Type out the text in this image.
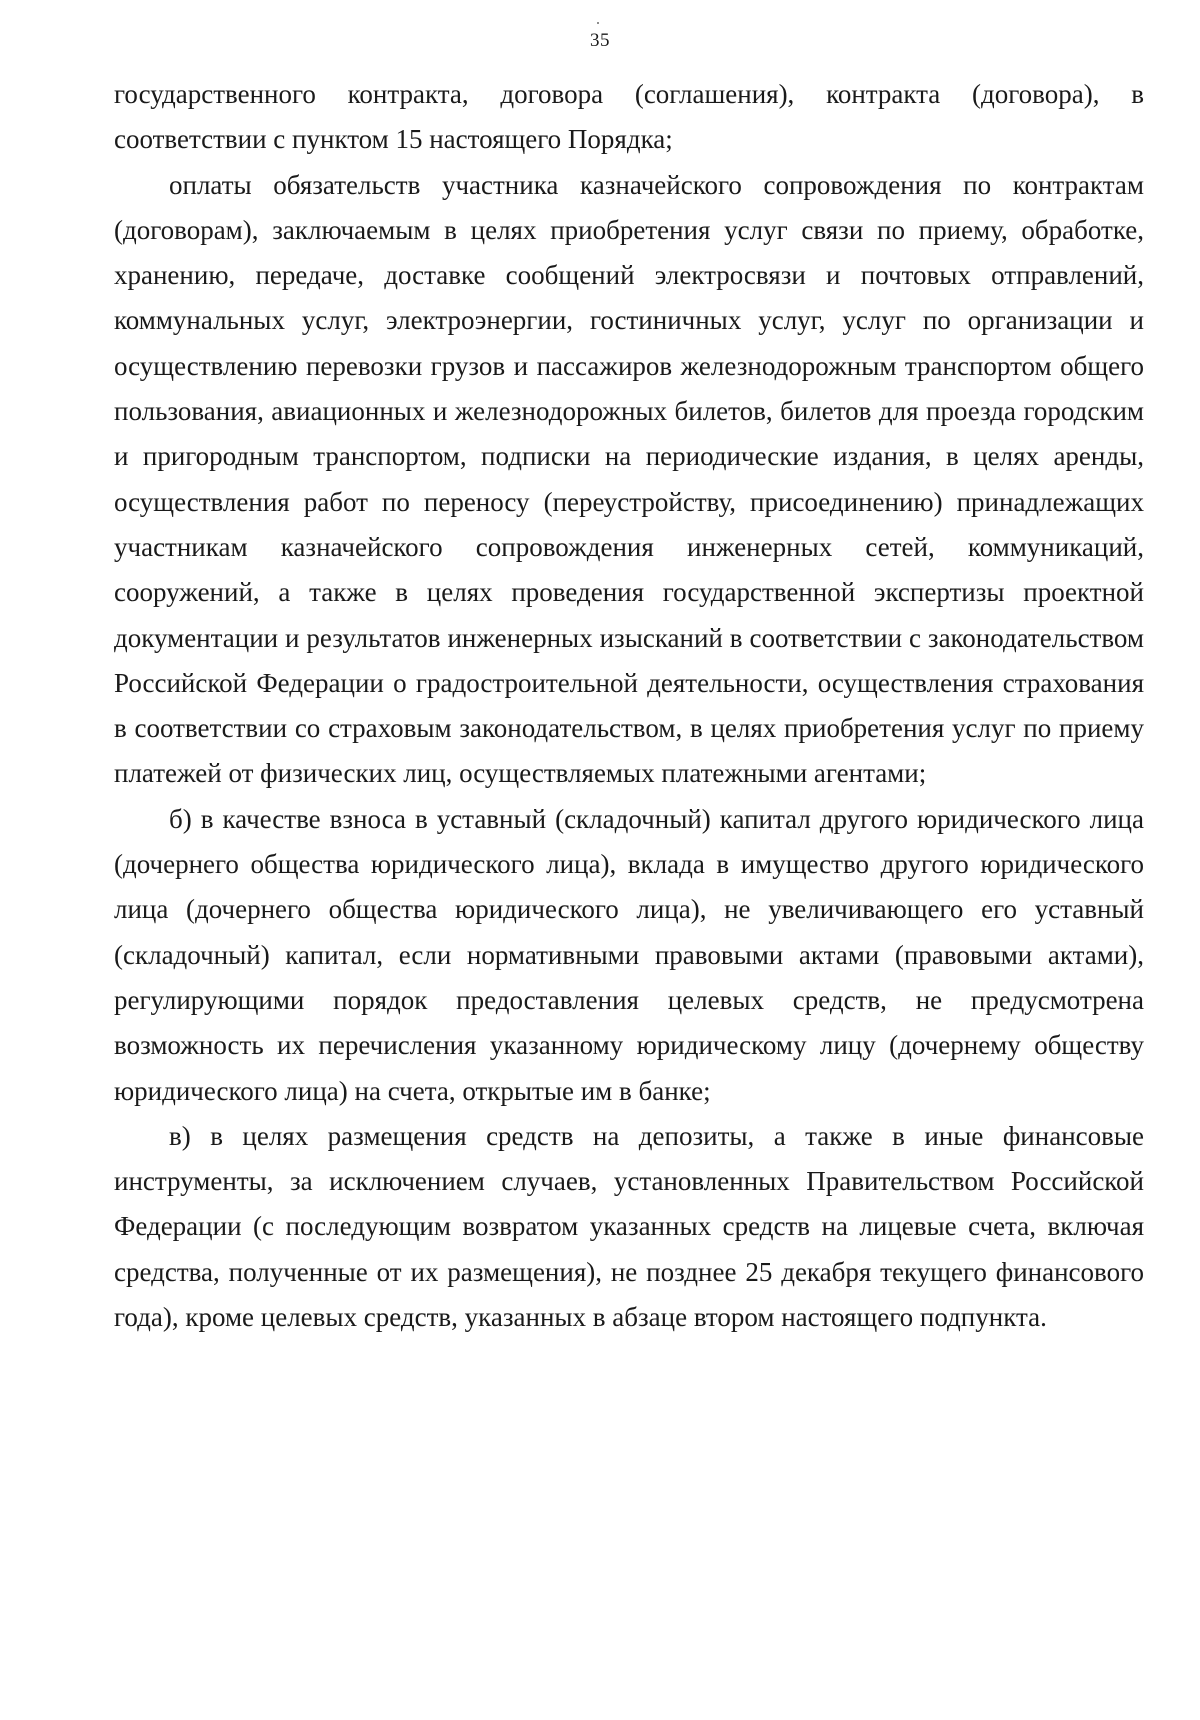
35

государственного контракта, договора (соглашения), контракта (договора), в соответствии с пунктом 15 настоящего Порядка;

оплаты обязательств участника казначейского сопровождения по контрактам (договорам), заключаемым в целях приобретения услуг связи по приему, обработке, хранению, передаче, доставке сообщений электросвязи и почтовых отправлений, коммунальных услуг, электроэнергии, гостиничных услуг, услуг по организации и осуществлению перевозки грузов и пассажиров железнодорожным транспортом общего пользования, авиационных и железнодорожных билетов, билетов для проезда городским и пригородным транспортом, подписки на периодические издания, в целях аренды, осуществления работ по переносу (переустройству, присоединению) принадлежащих участникам казначейского сопровождения инженерных сетей, коммуникаций, сооружений, а также в целях проведения государственной экспертизы проектной документации и результатов инженерных изысканий в соответствии с законодательством Российской Федерации о градостроительной деятельности, осуществления страхования в соответствии со страховым законодательством, в целях приобретения услуг по приему платежей от физических лиц, осуществляемых платежными агентами;

б) в качестве взноса в уставный (складочный) капитал другого юридического лица (дочернего общества юридического лица), вклада в имущество другого юридического лица (дочернего общества юридического лица), не увеличивающего его уставный (складочный) капитал, если нормативными правовыми актами (правовыми актами), регулирующими порядок предоставления целевых средств, не предусмотрена возможность их перечисления указанному юридическому лицу (дочернему обществу юридического лица) на счета, открытые им в банке;

в) в целях размещения средств на депозиты, а также в иные финансовые инструменты, за исключением случаев, установленных Правительством Российской Федерации (с последующим возвратом указанных средств на лицевые счета, включая средства, полученные от их размещения), не позднее 25 декабря текущего финансового года), кроме целевых средств, указанных в абзаце втором настоящего подпункта.
